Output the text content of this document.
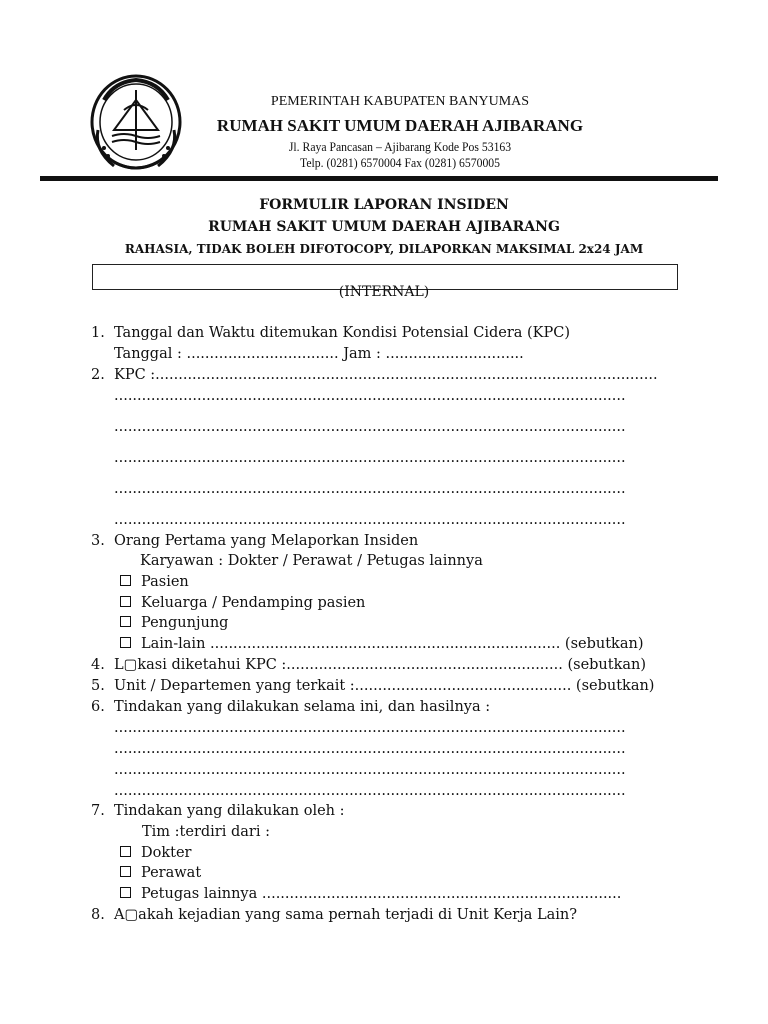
PEMERINTAH KABUPATEN BANYUMAS
RUMAH SAKIT UMUM DAERAH AJIBARANG
Jl. Raya Pancasan – Ajibarang Kode Pos 53163
Telp. (0281) 6570004 Fax (0281) 6570005
FORMULIR LAPORAN INSIDEN
RUMAH SAKIT UMUM DAERAH AJIBARANG
RAHASIA, TIDAK BOLEH DIFOTOCOPY, DILAPORKAN MAKSIMAL 2x24 JAM
(INTERNAL)
1. Tanggal dan Waktu ditemukan Kondisi Potensial Cidera (KPC)
Tanggal : ................................. Jam : ..............................
2. KPC :.............................................................................................................
...............................................................................................................
...............................................................................................................
...............................................................................................................
...............................................................................................................
...............................................................................................................
3. Orang Pertama yang Melaporkan Insiden
Karyawan : Dokter / Perawat / Petugas lainnya
Pasien
Keluarga / Pendamping pasien
Pengunjung
Lain-lain ............................................................................ (sebutkan)
4. L▢kasi diketahui KPC :............................................................ (sebutkan)
5. Unit / Departemen yang terkait :............................................... (sebutkan)
6. Tindakan yang dilakukan selama ini, dan hasilnya :
...............................................................................................................
...............................................................................................................
...............................................................................................................
...............................................................................................................
7. Tindakan yang dilakukan oleh :
Tim :terdiri dari :
Dokter
Perawat
Petugas lainnya ..............................................................................
8. A▢akah kejadian yang sama pernah terjadi di Unit Kerja Lain?
